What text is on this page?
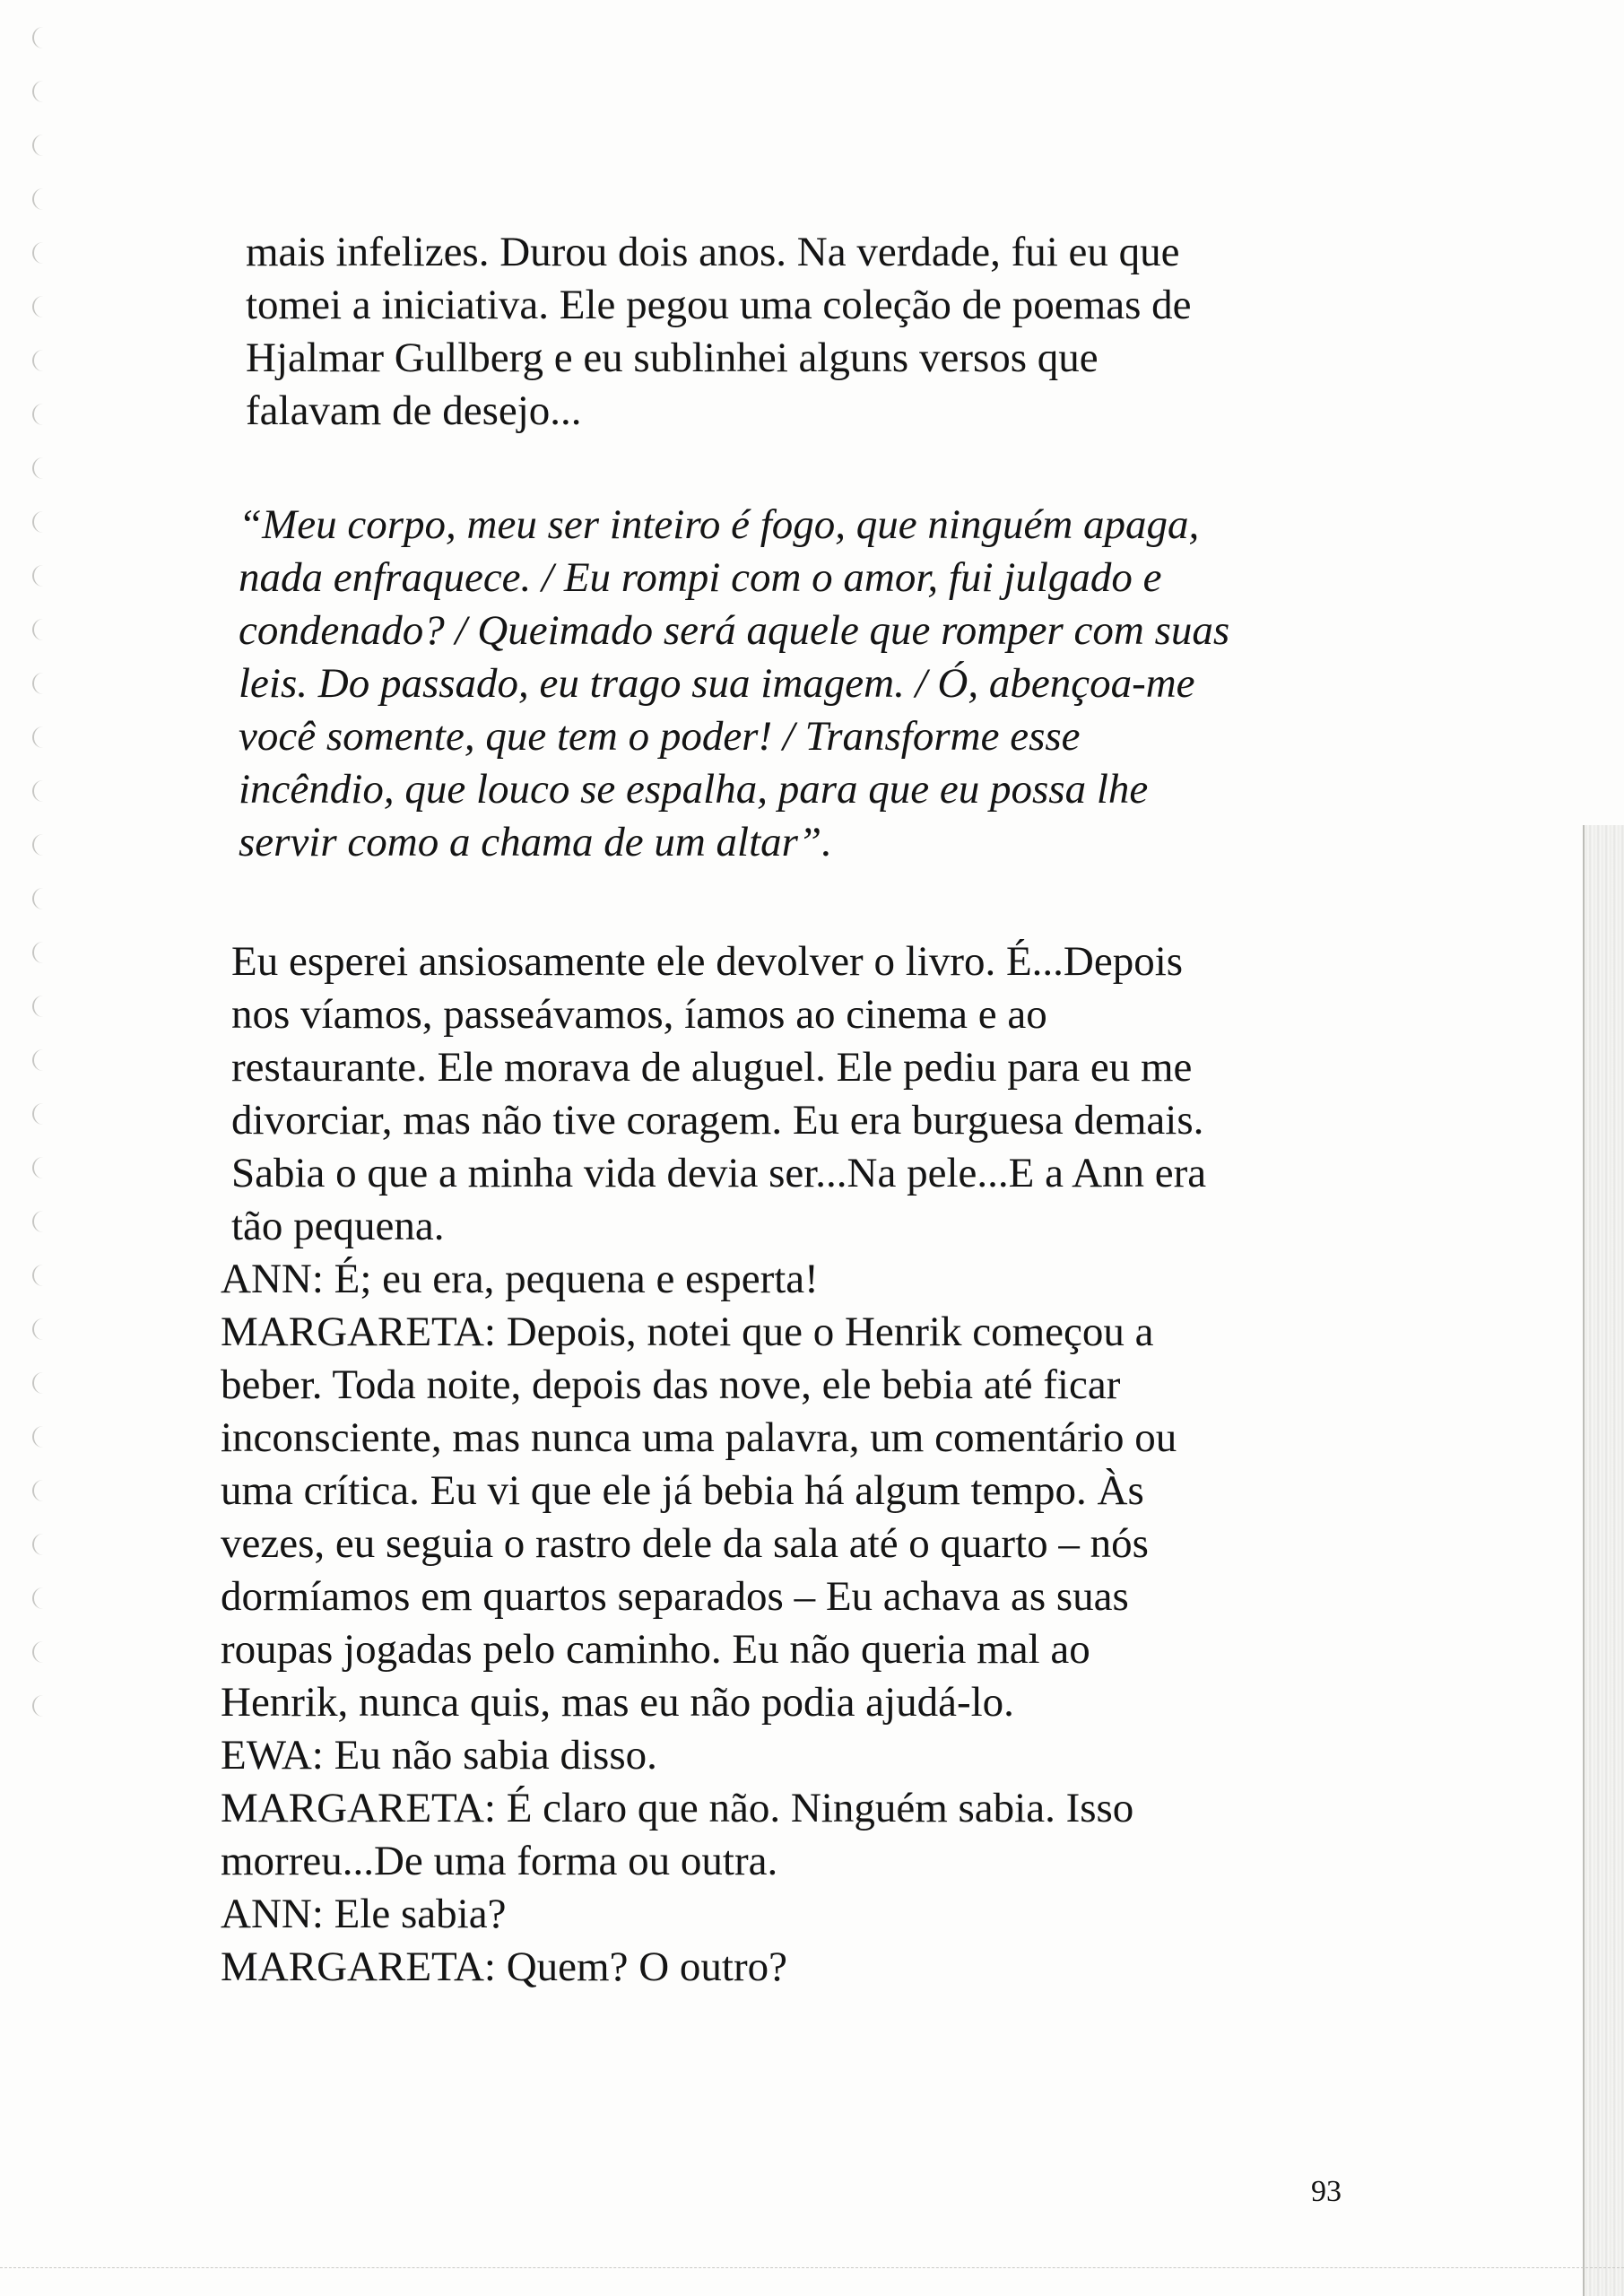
mais infelizes. Durou dois anos. Na verdade, fui eu que
tomei a iniciativa. Ele pegou uma coleção de poemas de
Hjalmar Gullberg e eu sublinhei alguns versos que
falavam de desejo...

“Meu corpo, meu ser inteiro é fogo, que ninguém apaga,
nada enfraquece. / Eu rompi com o amor, fui julgado e
condenado? / Queimado será aquele que romper com suas
leis. Do passado, eu trago sua imagem. / Ó, abençoa-me
você somente, que tem o poder! / Transforme esse
incêndio, que louco se espalha, para que eu possa lhe
servir como a chama de um altar”.

Eu esperei ansiosamente ele devolver o livro. É...Depois
nos víamos, passeávamos, íamos ao cinema e ao
restaurante. Ele morava de aluguel. Ele pediu para eu me
divorciar, mas não tive coragem. Eu era burguesa demais.
Sabia o que a minha vida devia ser...Na pele...E a Ann era
tão pequena.

ANN: É; eu era, pequena e esperta!

MARGARETA: Depois, notei que o Henrik começou a
beber. Toda noite, depois das nove, ele bebia até ficar
inconsciente, mas nunca uma palavra, um comentário ou
uma crítica. Eu vi que ele já bebia há algum tempo. Às
vezes, eu seguia o rastro dele da sala até o quarto – nós
dormíamos em quartos separados – Eu achava as suas
roupas jogadas pelo caminho. Eu não queria mal ao
Henrik, nunca quis, mas eu não podia ajudá-lo.

EWA: Eu não sabia disso.

MARGARETA: É claro que não. Ninguém sabia. Isso
morreu...De uma forma ou outra.

ANN: Ele sabia?

MARGARETA: Quem? O outro?

93
